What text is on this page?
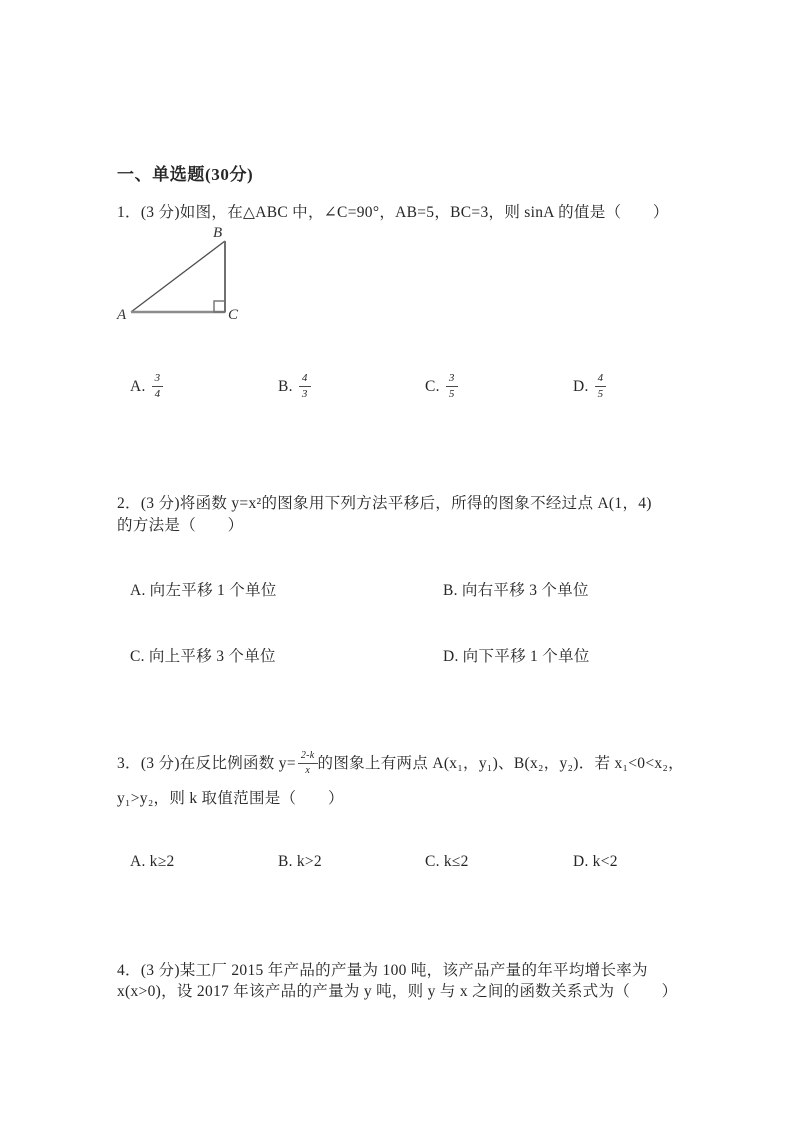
一、单选题(30分)
1．(3 分)如图，在△ABC 中，∠C=90°，AB=5，BC=3，则 sinA 的值是（　　）
B
A	C
A. $\frac{3}{4}$	B. $\frac{4}{3}$	C. $\frac{3}{5}$	D. $\frac{4}{5}$
2．(3 分)将函数 y=x²的图象用下列方法平移后，所得的图象不经过点 A(1，4)
的方法是（　　）
A. 向左平移 1 个单位	B. 向右平移 3 个单位
C. 向上平移 3 个单位	D. 向下平移 1 个单位
3．(3 分)在反比例函数 $y= \frac{2-k}{x}$ 的图象上有两点 A(x₁，y₁)、B(x₂，y₂)．若 x₁<0<x₂，
y₁>y₂，则 k 取值范围是（　　）
A. k≥2	B. k>2	C. k≤2	D. k<2
4．(3 分)某工厂 2015 年产品的产量为 100 吨，该产品产量的年平均增长率为
x(x>0)，设 2017 年该产品的产量为 y 吨，则 y 与 x 之间的函数关系式为（　　）
